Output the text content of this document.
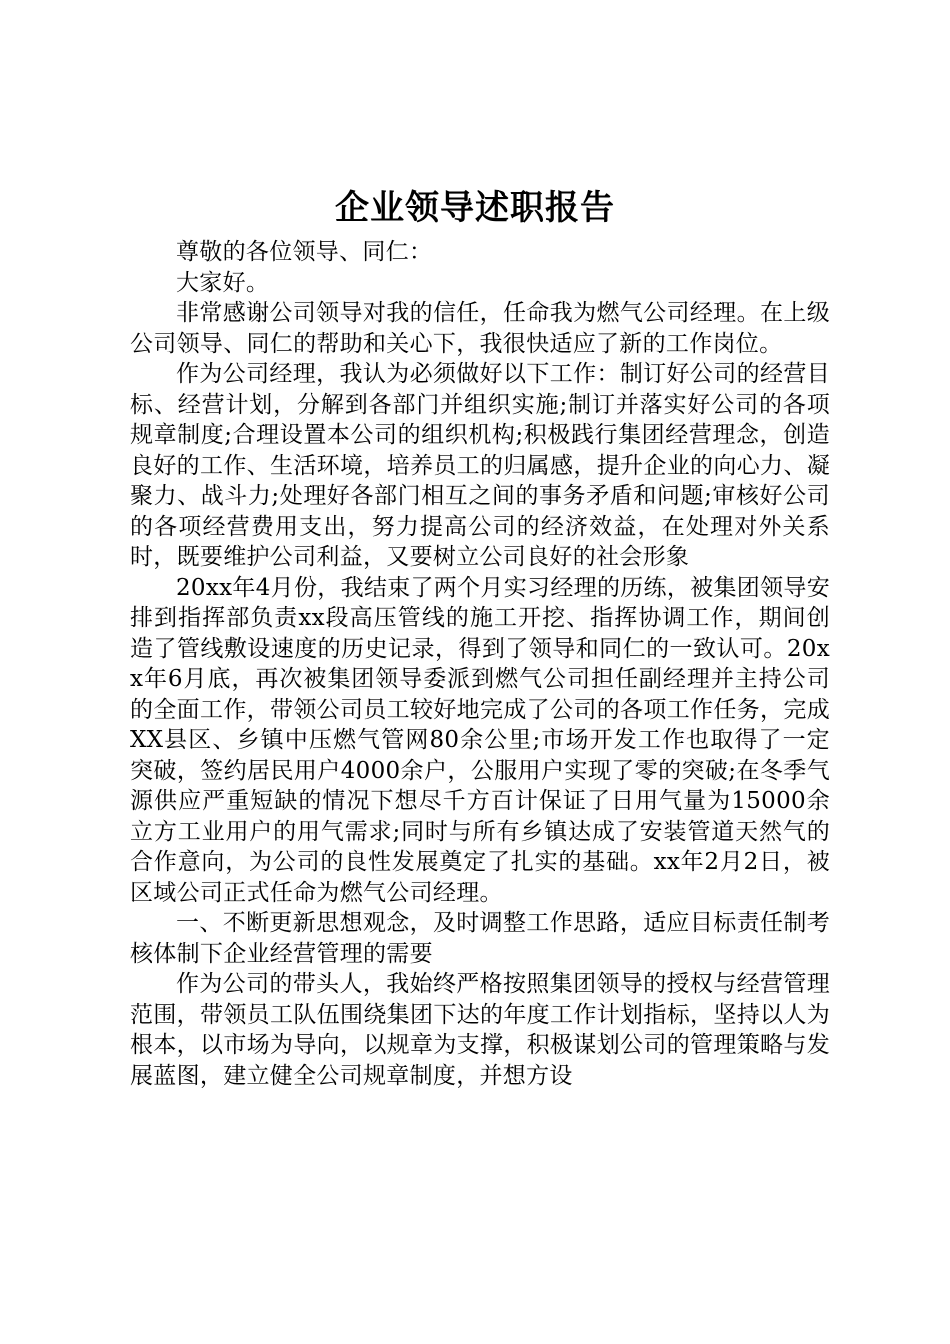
企业领导述职报告

尊敬的各位领导、同仁：

大家好。

非常感谢公司领导对我的信任，任命我为燃气公司经理。在上级公司领导、同仁的帮助和关心下，我很快适应了新的工作岗位。

作为公司经理，我认为必须做好以下工作：制订好公司的经营目标、经营计划，分解到各部门并组织实施;制订并落实好公司的各项规章制度;合理设置本公司的组织机构;积极践行集团经营理念，创造良好的工作、生活环境，培养员工的归属感，提升企业的向心力、凝聚力、战斗力;处理好各部门相互之间的事务矛盾和问题;审核好公司的各项经营费用支出，努力提高公司的经济效益，在处理对外关系时，既要维护公司利益，又要树立公司良好的社会形象

20xx年4月份，我结束了两个月实习经理的历练，被集团领导安排到指挥部负责xx段高压管线的施工开挖、指挥协调工作，期间创造了管线敷设速度的历史记录，得到了领导和同仁的一致认可。20xx年6月底，再次被集团领导委派到燃气公司担任副经理并主持公司的全面工作，带领公司员工较好地完成了公司的各项工作任务，完成XX县区、乡镇中压燃气管网80余公里;市场开发工作也取得了一定突破，签约居民用户4000余户，公服用户实现了零的突破;在冬季气源供应严重短缺的情况下想尽千方百计保证了日用气量为15000余立方工业用户的用气需求;同时与所有乡镇达成了安装管道天然气的合作意向，为公司的良性发展奠定了扎实的基础。xx年2月2日，被区域公司正式任命为燃气公司经理。

一、不断更新思想观念，及时调整工作思路，适应目标责任制考核体制下企业经营管理的需要

作为公司的带头人，我始终严格按照集团领导的授权与经营管理范围，带领员工队伍围绕集团下达的年度工作计划指标，坚持以人为根本，以市场为导向，以规章为支撑，积极谋划公司的管理策略与发展蓝图，建立健全公司规章制度，并想方设
